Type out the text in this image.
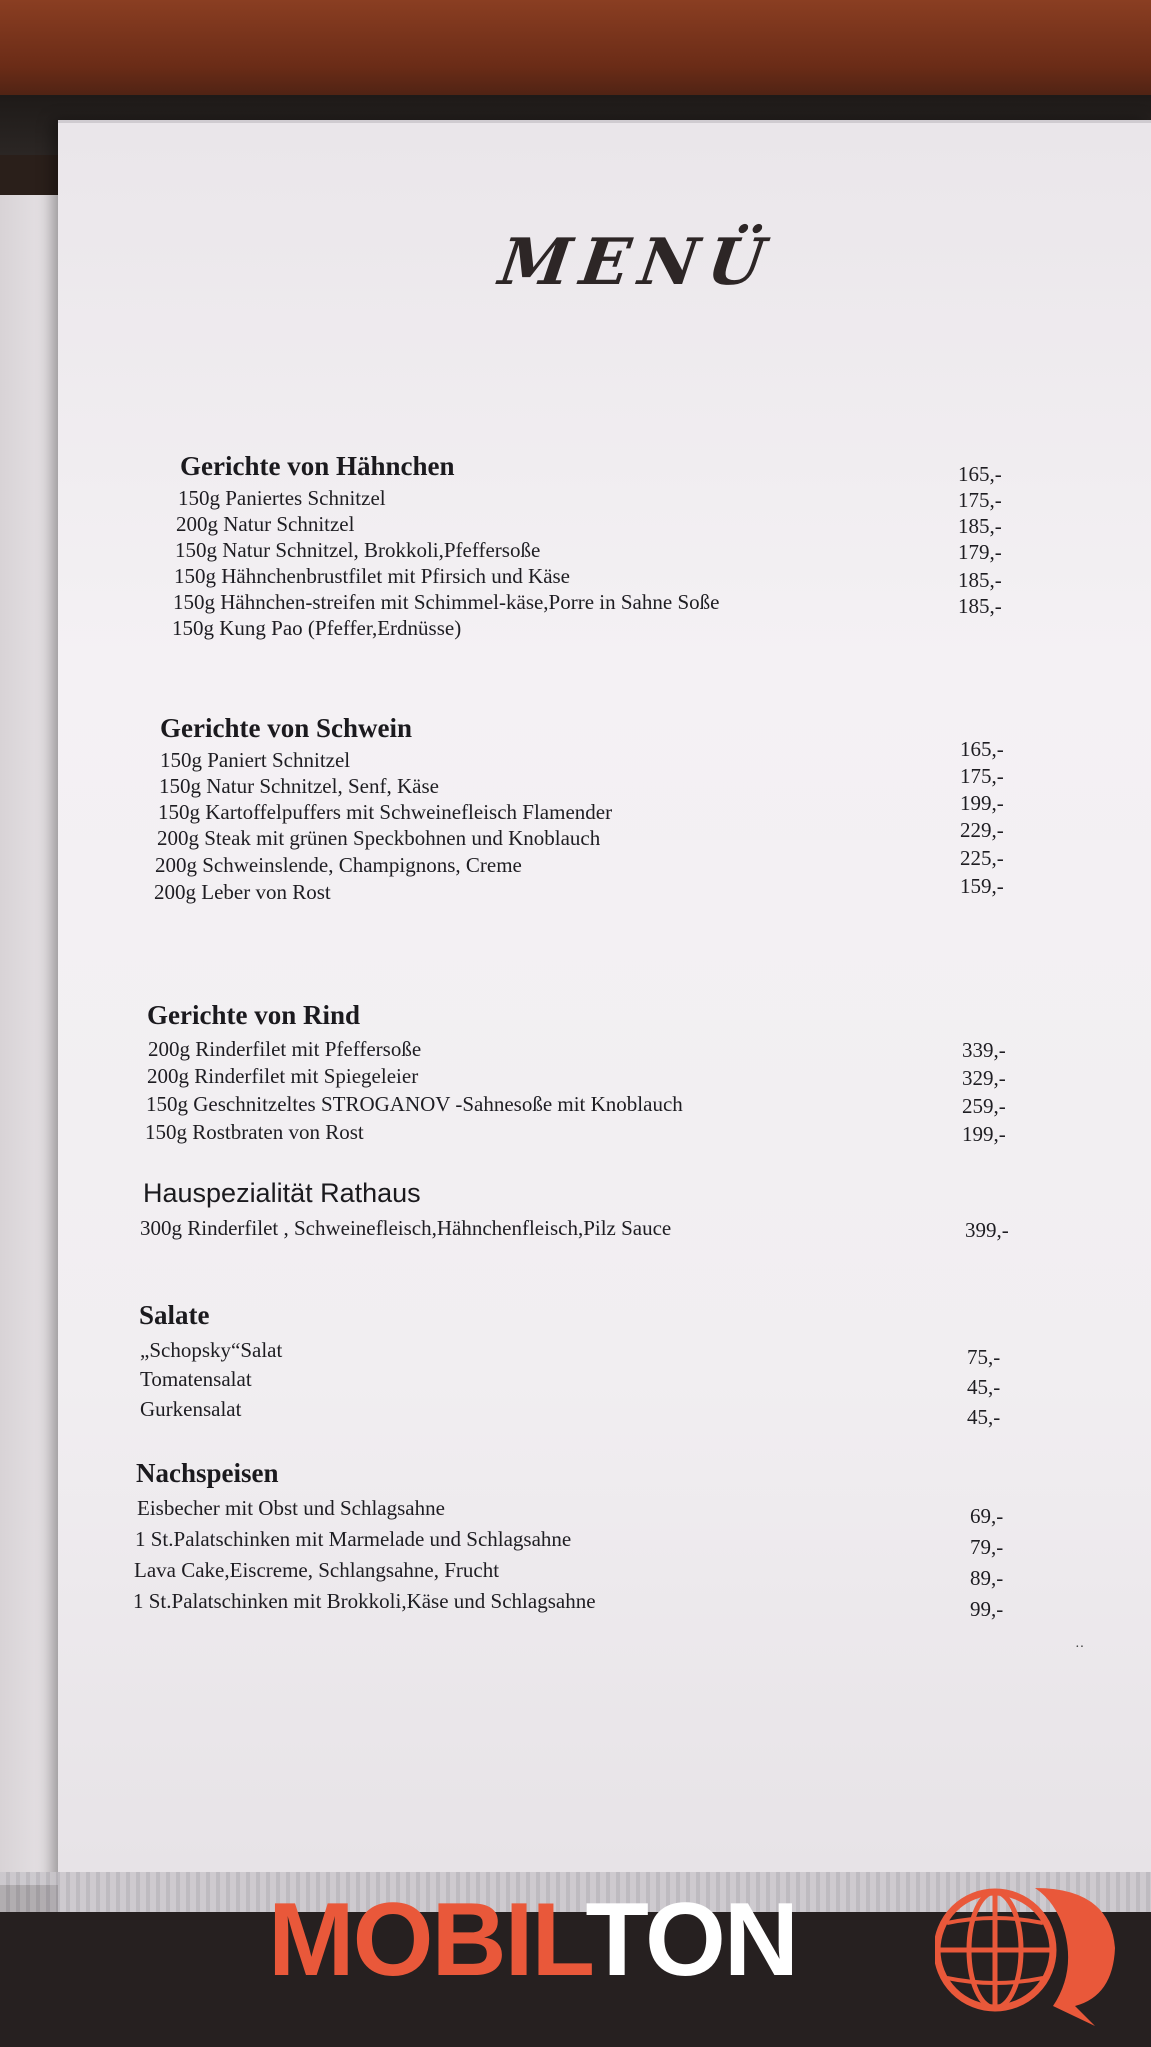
MENÜ
Gerichte von Hähnchen
150g Paniertes Schnitzel
200g Natur Schnitzel
150g Natur Schnitzel, Brokkoli,Pfeffersoße
150g Hähnchenbrustfilet mit Pfirsich und Käse
150g Hähnchen-streifen mit Schimmel-käse,Porre in Sahne Soße
150g Kung Pao (Pfeffer,Erdnüsse)
165,-
175,-
185,-
179,-
185,-
185,-
Gerichte von Schwein
150g Paniert Schnitzel
150g Natur Schnitzel, Senf, Käse
150g Kartoffelpuffers mit Schweinefleisch Flamender
200g Steak mit grünen Speckbohnen und Knoblauch
200g Schweinslende, Champignons, Creme
200g Leber von Rost
165,-
175,-
199,-
229,-
225,-
159,-
Gerichte von Rind
200g Rinderfilet mit Pfeffersoße
200g Rinderfilet mit Spiegeleier
150g Geschnitzeltes STROGANOV -Sahnesoße mit Knoblauch
150g Rostbraten von Rost
339,-
329,-
259,-
199,-
Hauspezialität Rathaus
300g Rinderfilet , Schweinefleisch,Hähnchenfleisch,Pilz Sauce	399,-
Salate
„Schopsky“Salat
Tomatensalat
Gurkensalat
75,-
45,-
45,-
Nachspeisen
Eisbecher mit Obst und Schlagsahne
1 St.Palatschinken mit Marmelade und Schlagsahne
Lava Cake,Eiscreme, Schlangsahne, Frucht
1 St.Palatschinken mit Brokkoli,Käse und Schlagsahne
69,-
79,-
89,-
99,-
··
MOBILTON
